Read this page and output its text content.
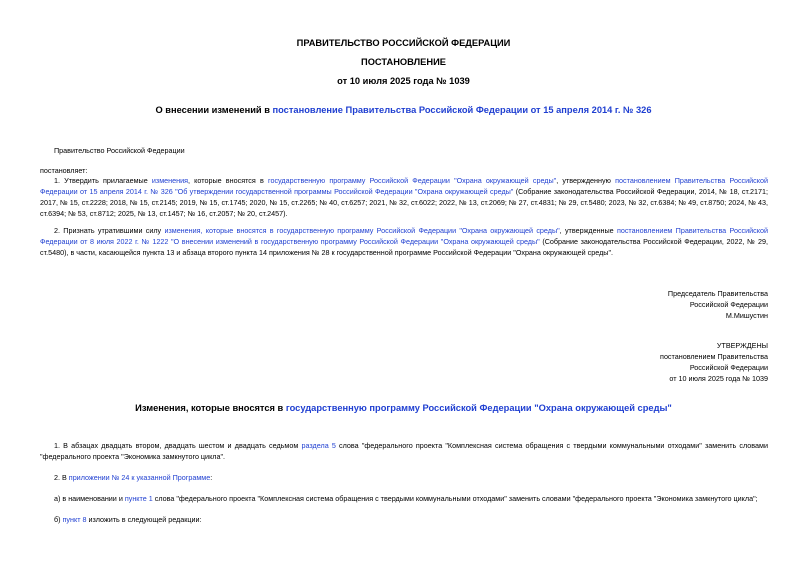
ПРАВИТЕЛЬСТВО РОССИЙСКОЙ ФЕДЕРАЦИИ
ПОСТАНОВЛЕНИЕ
от 10 июля 2025 года № 1039
О внесении изменений в постановление Правительства Российской Федерации от 15 апреля 2014 г. № 326
Правительство Российской Федерации
постановляет:
1. Утвердить прилагаемые изменения, которые вносятся в государственную программу Российской Федерации "Охрана окружающей среды", утвержденную постановлением Правительства Российской Федерации от 15 апреля 2014 г. № 326 "Об утверждении государственной программы Российской Федерации "Охрана окружающей среды" (Собрание законодательства Российской Федерации, 2014, № 18, ст.2171; 2017, № 15, ст.2228; 2018, № 15, ст.2145; 2019, № 15, ст.1745; 2020, № 15, ст.2265; № 40, ст.6257; 2021, № 32, ст.6022; 2022, № 13, ст.2069; № 27, ст.4831; № 29, ст.5480; 2023, № 32, ст.6384; № 49, ст.8750; 2024, № 43, ст.6394; № 53, ст.8712; 2025, № 13, ст.1457; № 16, ст.2057; № 20, ст.2457).
2. Признать утратившими силу изменения, которые вносятся в государственную программу Российской Федерации "Охрана окружающей среды", утвержденные постановлением Правительства Российской Федерации от 8 июля 2022 г. № 1222 "О внесении изменений в государственную программу Российской Федерации "Охрана окружающей среды" (Собрание законодательства Российской Федерации, 2022, № 29, ст.5480), в части, касающейся пункта 13 и абзаца второго пункта 14 приложения № 28 к государственной программе Российской Федерации "Охрана окружающей среды".
Председатель Правительства
Российской Федерации
М.Мишустин
УТВЕРЖДЕНЫ
постановлением Правительства
Российской Федерации
от 10 июля 2025 года № 1039
Изменения, которые вносятся в государственную программу Российской Федерации "Охрана окружающей среды"
1. В абзацах двадцать втором, двадцать шестом и двадцать седьмом раздела 5 слова "федерального проекта "Комплексная система обращения с твердыми коммунальными отходами" заменить словами "федерального проекта "Экономика замкнутого цикла".
2. В приложении № 24 к указанной Программе:
а) в наименовании и пункте 1 слова "федерального проекта "Комплексная система обращения с твердыми коммунальными отходами" заменить словами "федерального проекта "Экономика замкнутого цикла";
б) пункт 8 изложить в следующей редакции:
